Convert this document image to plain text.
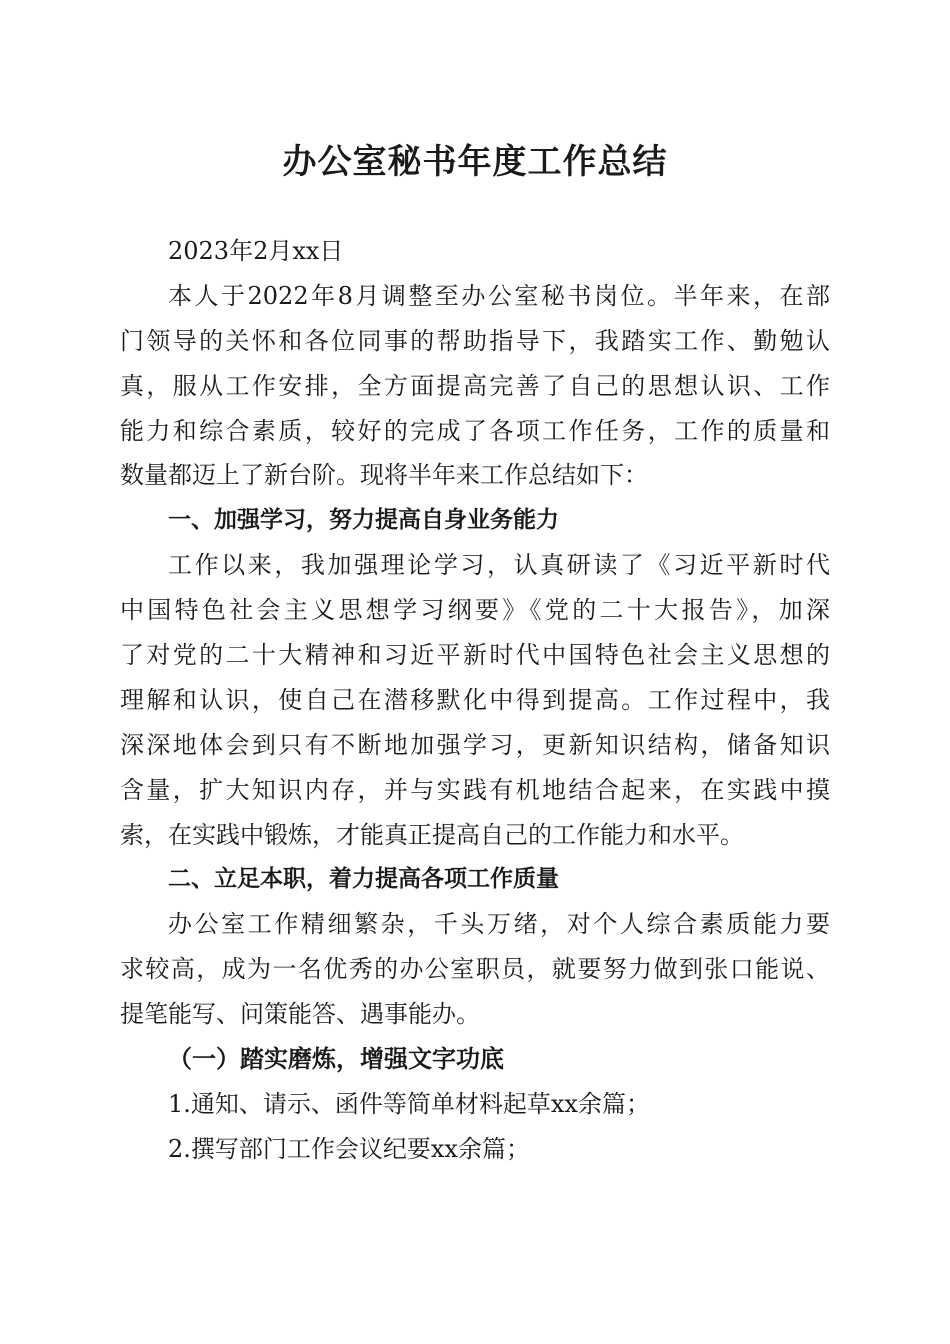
办公室秘书年度工作总结
2023年2月xx日
本人于2022年8月调整至办公室秘书岗位。半年来，在部
门领导的关怀和各位同事的帮助指导下，我踏实工作、勤勉认
真，服从工作安排，全方面提高完善了自己的思想认识、工作
能力和综合素质，较好的完成了各项工作任务，工作的质量和
数量都迈上了新台阶。现将半年来工作总结如下：
一、加强学习，努力提高自身业务能力
工作以来，我加强理论学习，认真研读了《习近平新时代
中国特色社会主义思想学习纲要》《党的二十大报告》，加深
了对党的二十大精神和习近平新时代中国特色社会主义思想的
理解和认识，使自己在潜移默化中得到提高。工作过程中，我
深深地体会到只有不断地加强学习，更新知识结构，储备知识
含量，扩大知识内存，并与实践有机地结合起来，在实践中摸
索，在实践中锻炼，才能真正提高自己的工作能力和水平。
二、立足本职，着力提高各项工作质量
办公室工作精细繁杂，千头万绪，对个人综合素质能力要
求较高，成为一名优秀的办公室职员，就要努力做到张口能说、
提笔能写、问策能答、遇事能办。
（一）踏实磨炼，增强文字功底
1.通知、请示、函件等简单材料起草xx余篇；
2.撰写部门工作会议纪要xx余篇；
